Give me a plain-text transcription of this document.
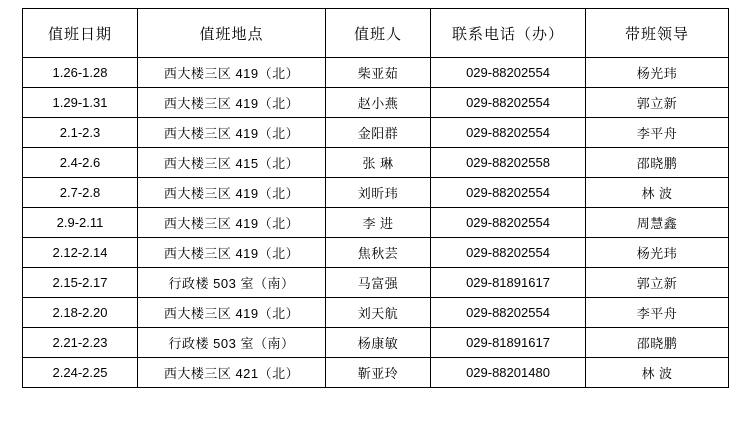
值班日期	值班地点	值班人	联系电话（办）	带班领导
1.26-1.28	西大楼三区 419（北）	柴亚茹	029-88202554	杨光玮
1.29-1.31	西大楼三区 419（北）	赵小燕	029-88202554	郭立新
2.1-2.3	西大楼三区 419（北）	金阳群	029-88202554	李平舟
2.4-2.6	西大楼三区 415（北）	张 琳	029-88202558	邵晓鹏
2.7-2.8	西大楼三区 419（北）	刘昕玮	029-88202554	林 波
2.9-2.11	西大楼三区 419（北）	李 进	029-88202554	周慧鑫
2.12-2.14	西大楼三区 419（北）	焦秋芸	029-88202554	杨光玮
2.15-2.17	行政楼 503 室（南）	马富强	029-81891617	郭立新
2.18-2.20	西大楼三区 419（北）	刘天航	029-88202554	李平舟
2.21-2.23	行政楼 503 室（南）	杨康敏	029-81891617	邵晓鹏
2.24-2.25	西大楼三区 421（北）	靳亚玲	029-88201480	林 波
